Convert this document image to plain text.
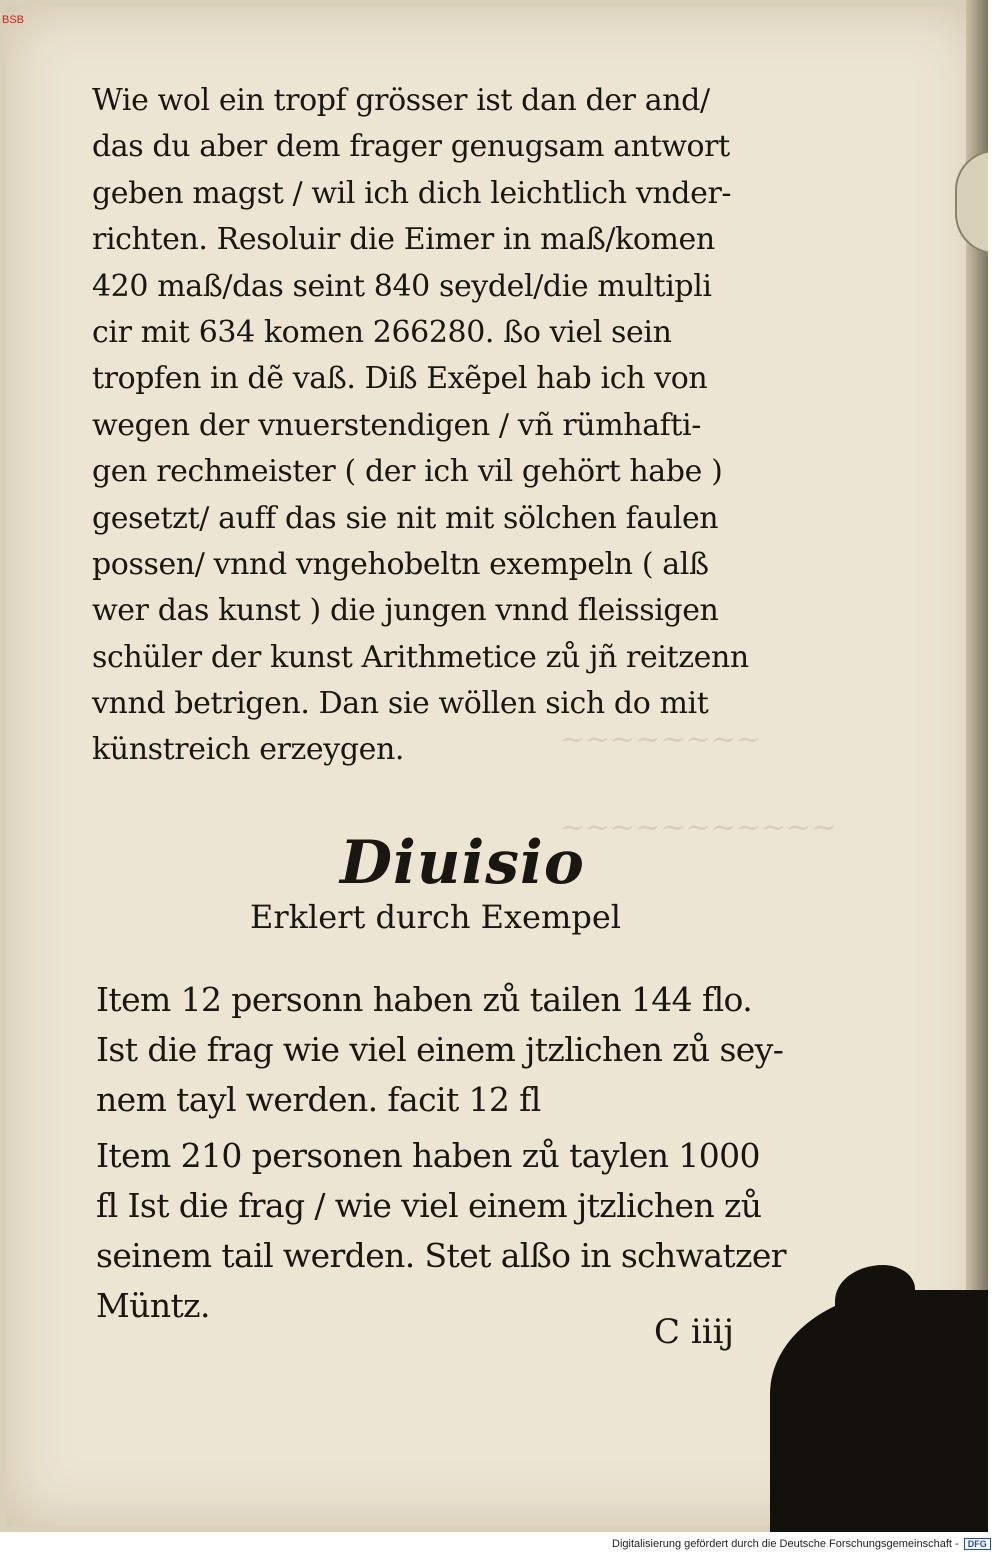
~~~~~~~~
~~~~~~~~~~~
Wie wol ein tropf grösser ist dan der and/
das du aber dem frager genugsam antwort
geben magst / wil ich dich leichtlich vnder-
richten. Resoluir die Eimer in maß/komen
420 maß/das seint 840 seydel/die multipli
cir mit 634 komen 266280. ßo viel sein
tropfen in dẽ vaß. Diß Exẽpel hab ich von
wegen der vnuerstendigen / vñ rümhafti-
gen rechmeister ( der ich vil gehört habe )
gesetzt/ auff das sie nit mit sölchen faulen
possen/ vnnd vngehobeltn exempeln ( alß
wer das kunst ) die jungen vnnd fleissigen
schüler der kunst Arithmetice zů jñ reitzenn
vnnd betrigen. Dan sie wöllen sich do mit
künstreich erzeygen.
Diuisio
Erklert durch Exempel
Item 12 personn haben zů tailen 144 flo.
Ist die frag wie viel einem jtzlichen zů sey-
nem tayl werden. facit 12 fl
Item 210 personen haben zů taylen 1000
fl Ist die frag / wie viel einem jtzlichen zů
seinem tail werden. Stet alßo in schwatzer
Müntz.
C iiij
BSB
Digitalisierung gefördert durch die Deutsche Forschungsgemeinschaft - DFG
